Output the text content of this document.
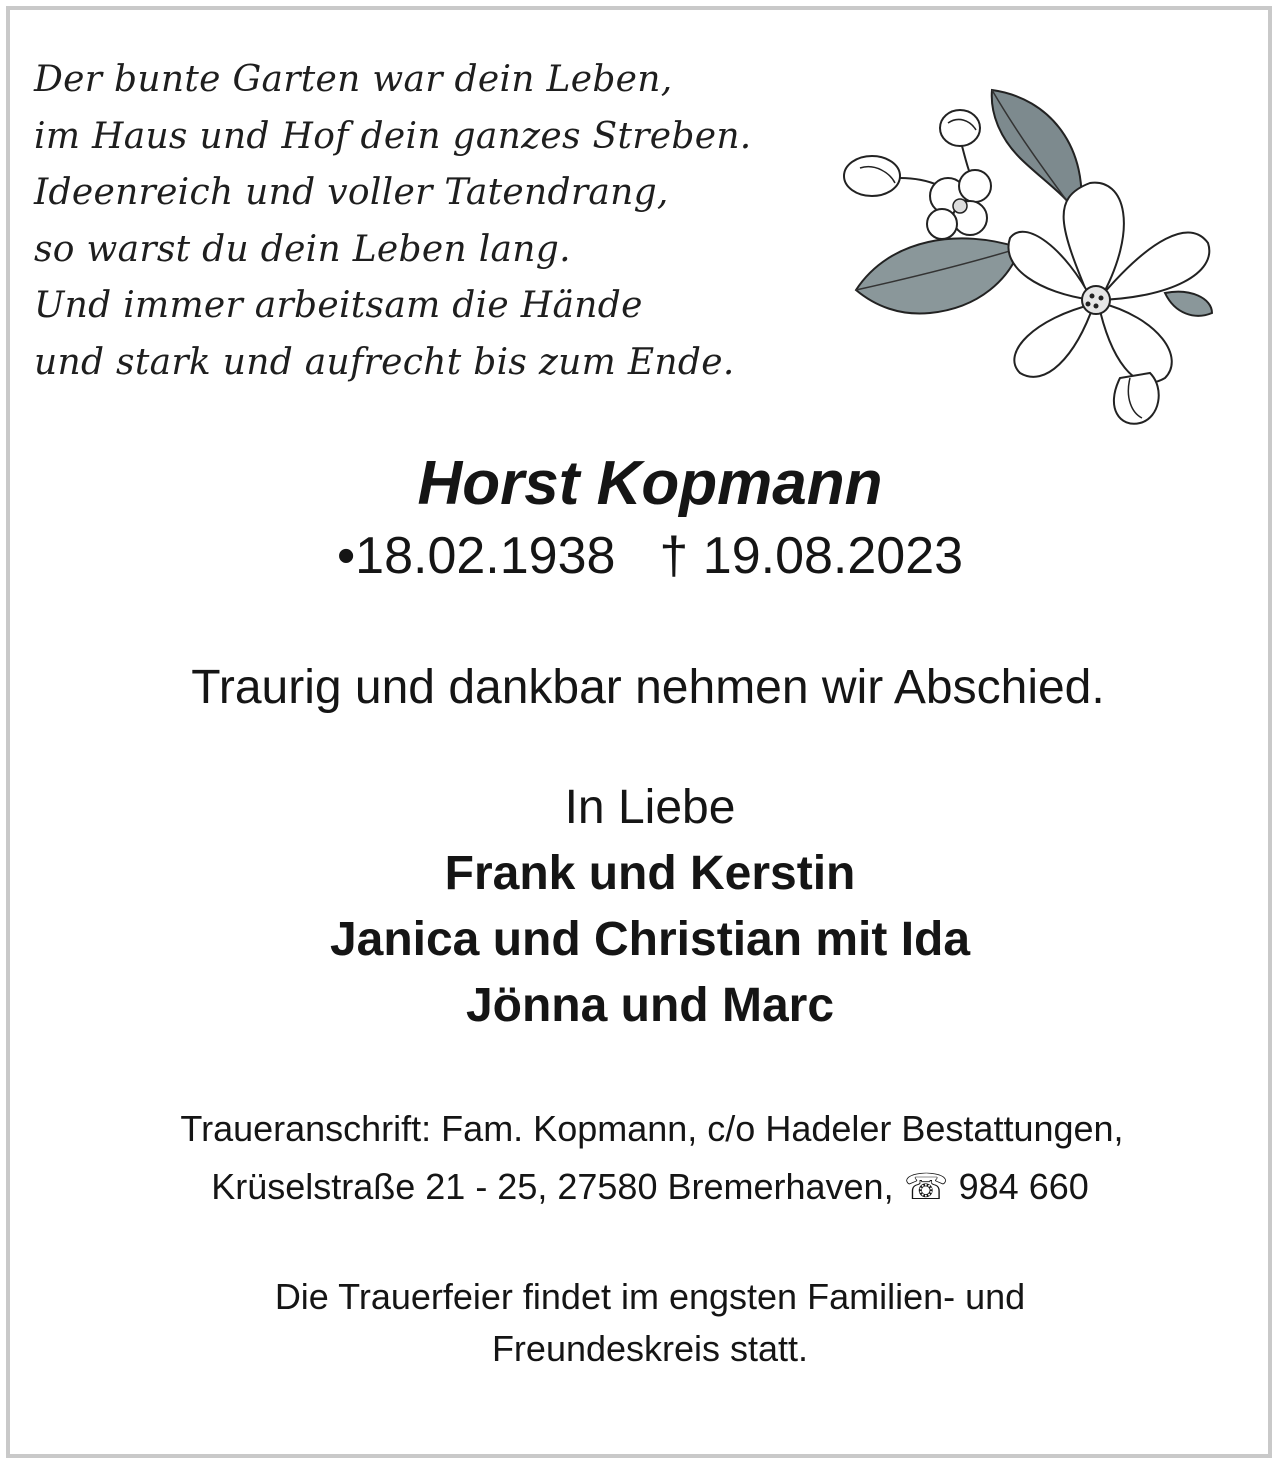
Der bunte Garten war dein Leben,
im Haus und Hof dein ganzes Streben.
Ideenreich und voller Tatendrang,
so warst du dein Leben lang.
Und immer arbeitsam die Hände
und stark und aufrecht bis zum Ende.
Horst Kopmann
•18.02.1938 † 19.08.2023
Traurig und dankbar nehmen wir Abschied.
In Liebe
Frank und Kerstin
Janica und Christian mit Ida
Jönna und Marc
Traueranschrift: Fam. Kopmann, c/o Hadeler Bestattungen,
Krüselstraße 21 - 25, 27580 Bremerhaven, ☏ 984 660
Die Trauerfeier findet im engsten Familien- und
Freundeskreis statt.
